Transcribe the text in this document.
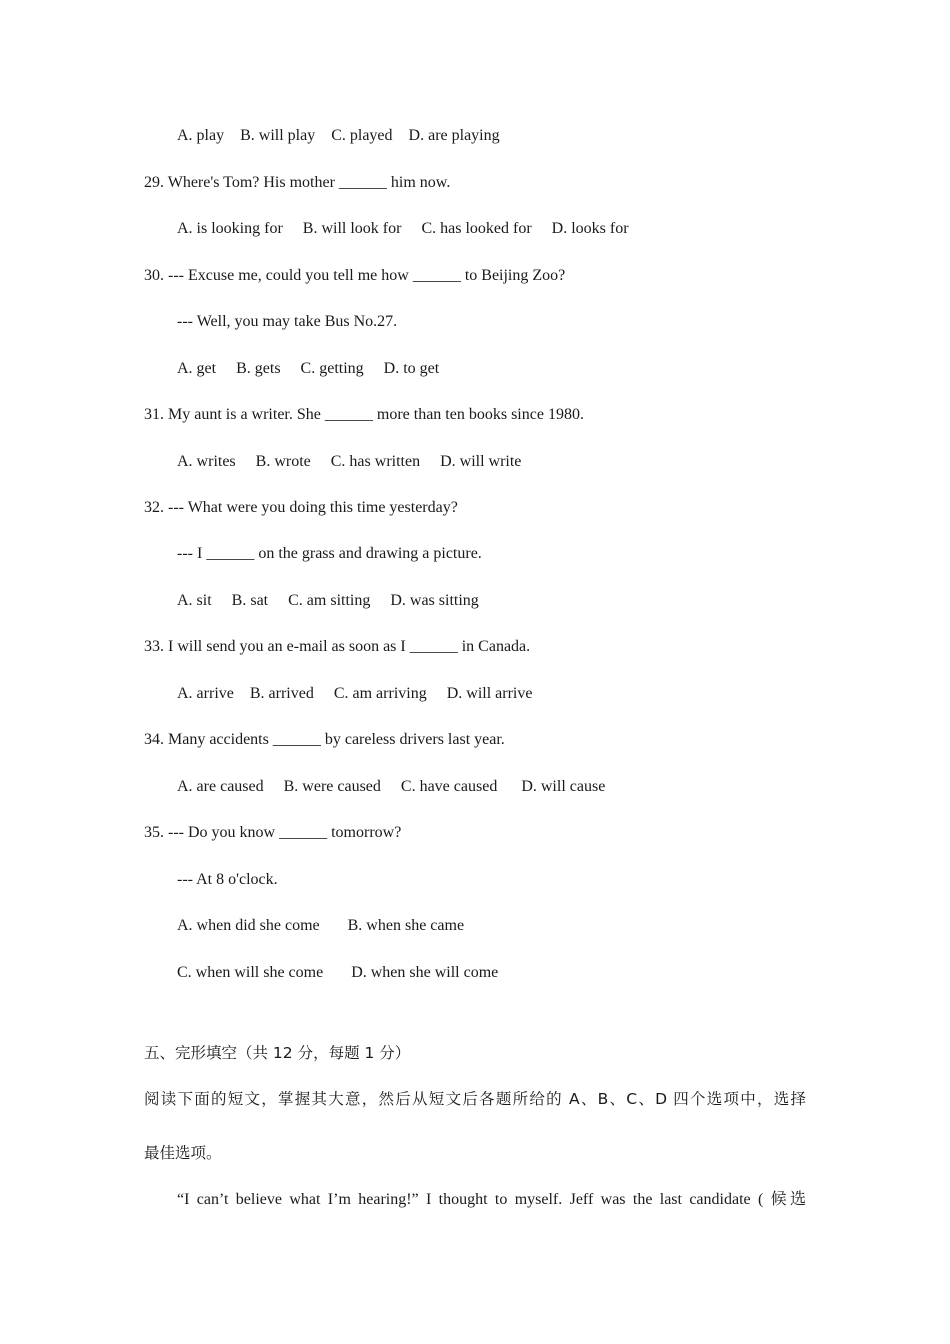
A. play    B. will play    C. played    D. are playing
29. Where's Tom? His mother ______ him now.
A. is looking for     B. will look for     C. has looked for     D. looks for
30. --- Excuse me, could you tell me how ______ to Beijing Zoo?
--- Well, you may take Bus No.27.
A. get     B. gets     C. getting     D. to get
31. My aunt is a writer. She ______ more than ten books since 1980.
A. writes     B. wrote     C. has written     D. will write
32. --- What were you doing this time yesterday?
--- I ______ on the grass and drawing a picture.
A. sit     B. sat     C. am sitting     D. was sitting
33. I will send you an e-mail as soon as I ______ in Canada.
A. arrive    B. arrived     C. am arriving     D. will arrive
34. Many accidents ______ by careless drivers last year.
A. are caused     B. were caused     C. have caused      D. will cause
35. --- Do you know ______ tomorrow?
--- At 8 o'clock.
A. when did she come       B. when she came
C. when will she come       D. when she will come
五、完形填空（共 12 分，每题 1 分）
阅读下面的短文，掌握其大意，然后从短文后各题所给的 A、B、C、D 四个选项中，选择
最佳选项。
“I can’t believe what I’m hearing!” I thought to myself. Jeff was the last candidate ( 候选
